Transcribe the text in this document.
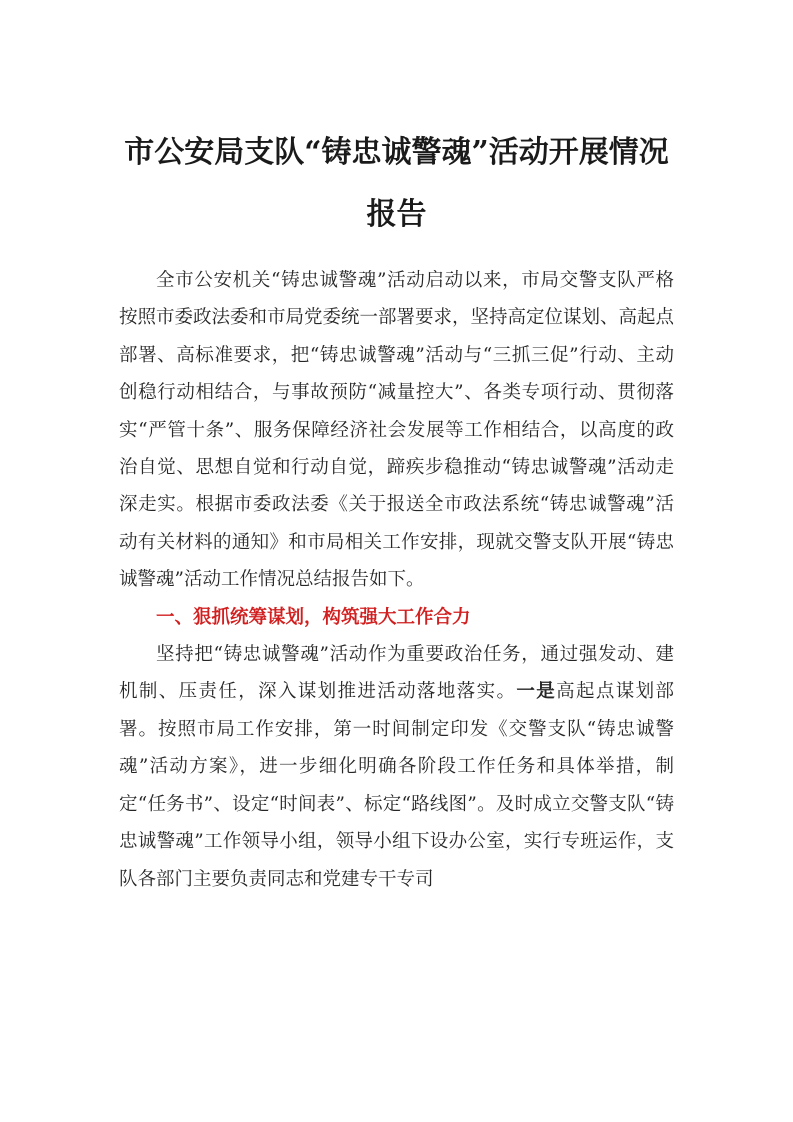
市公安局支队“铸忠诚警魂”活动开展情况
报告

全市公安机关“铸忠诚警魂”活动启动以来，市局交警支队严格按照市委政法委和市局党委统一部署要求，坚持高定位谋划、高起点部署、高标准要求，把“铸忠诚警魂”活动与“三抓三促”行动、主动创稳行动相结合，与事故预防“减量控大”、各类专项行动、贯彻落实“严管十条”、服务保障经济社会发展等工作相结合，以高度的政治自觉、思想自觉和行动自觉，蹄疾步稳推动“铸忠诚警魂”活动走深走实。根据市委政法委《关于报送全市政法系统“铸忠诚警魂”活动有关材料的通知》和市局相关工作安排，现就交警支队开展“铸忠诚警魂”活动工作情况总结报告如下。

一、狠抓统筹谋划，构筑强大工作合力

坚持把“铸忠诚警魂”活动作为重要政治任务，通过强发动、建机制、压责任，深入谋划推进活动落地落实。一是高起点谋划部署。按照市局工作安排，第一时间制定印发《交警支队“铸忠诚警魂”活动方案》，进一步细化明确各阶段工作任务和具体举措，制定“任务书”、设定“时间表”、标定“路线图”。及时成立交警支队“铸忠诚警魂”工作领导小组，领导小组下设办公室，实行专班运作，支队各部门主要负责同志和党建专干专司
